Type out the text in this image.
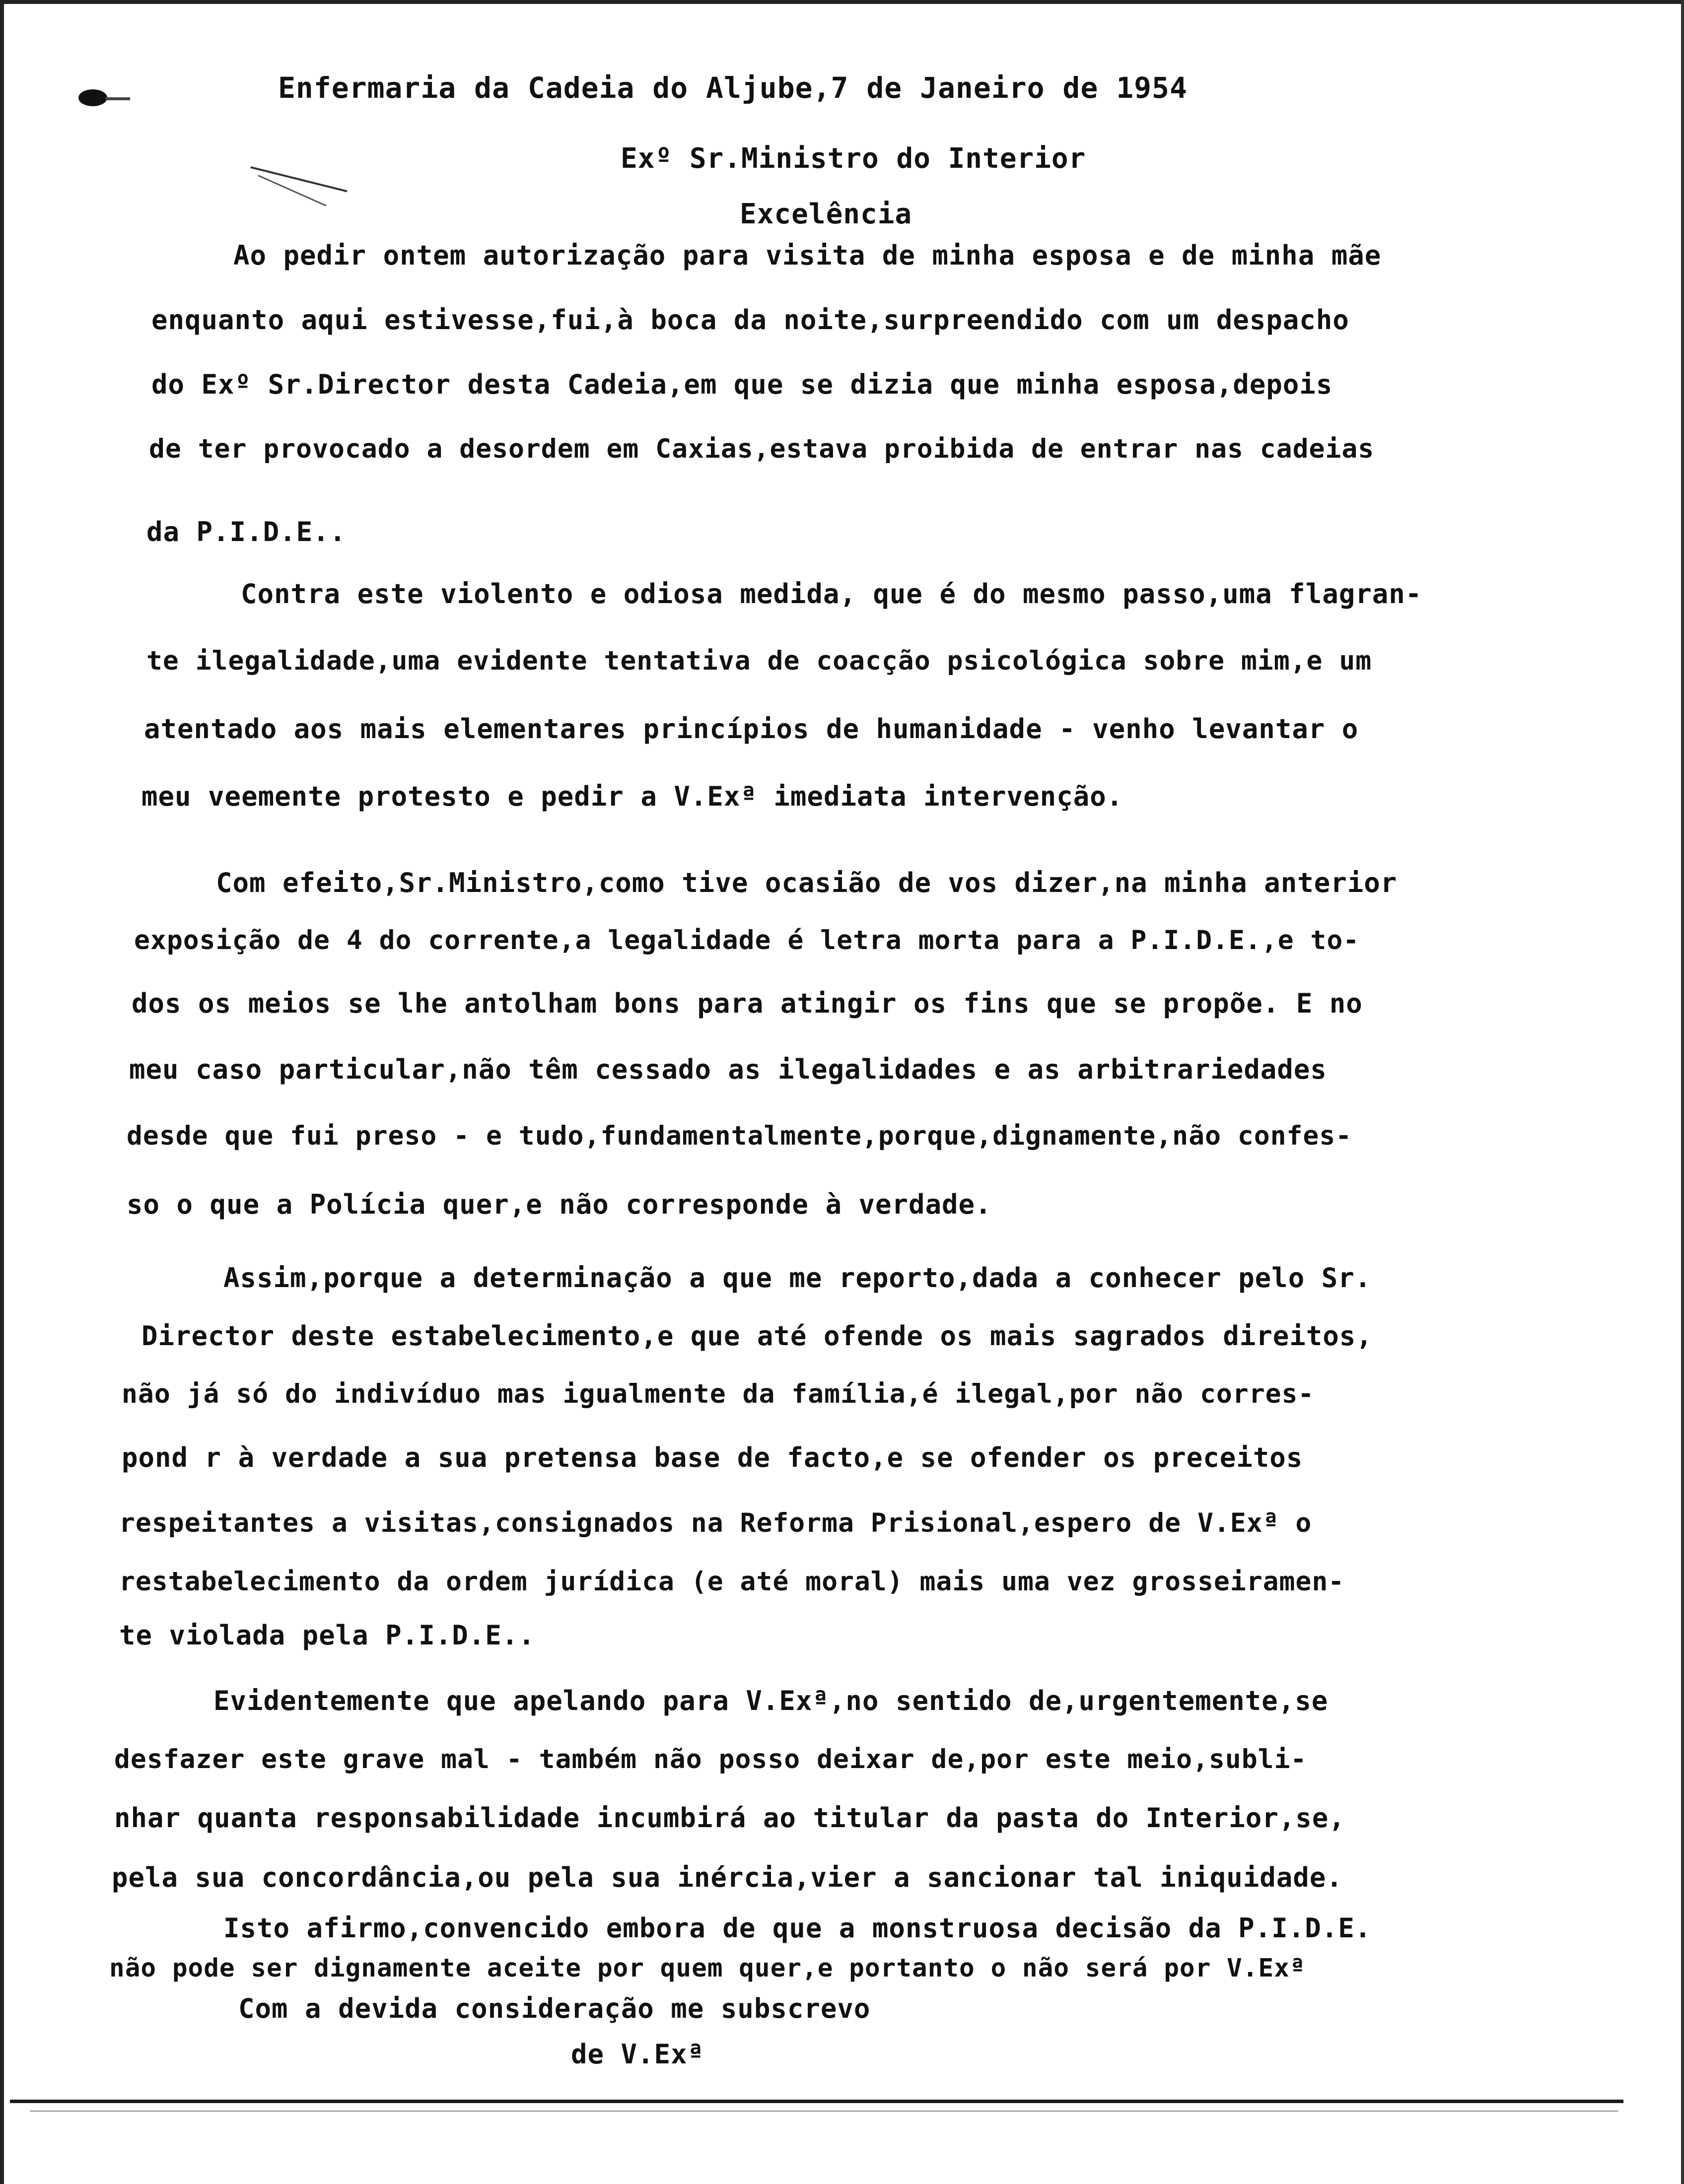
Enfermaria da Cadeia do Aljube,7 de Janeiro de 1954
Exº Sr.Ministro do Interior
Excelência
Ao pedir ontem autorização para visita de minha esposa e de minha mãe
enquanto aqui estivesse,fui,à boca da noite,surpreendido com um despacho
do Exº Sr.Director desta Cadeia,em que se dizia que minha esposa,depois
de ter provocado a desordem em Caxias,estava proibida de entrar nas cadeias
da P.I.D.E..
Contra este violento e odiosa medida, que é do mesmo passo,uma flagran-
te ilegalidade,uma evidente tentativa de coacção psicológica sobre mim,e um
atentado aos mais elementares princípios de humanidade - venho levantar o
meu veemente protesto e pedir a V.Exª imediata intervenção.
Com efeito,Sr.Ministro,como tive ocasião de vos dizer,na minha anterior
exposição de 4 do corrente,a legalidade é letra morta para a P.I.D.E.,e to-
dos os meios se lhe antolham bons para atingir os fins que se propõe. E no
meu caso particular,não têm cessado as ilegalidades e as arbitrariedades
desde que fui preso - e tudo,fundamentalmente,porque,dignamente,não confes-
so o que a Polícia quer,e não corresponde à verdade.
Assim,porque a determinação a que me reporto,dada a conhecer pelo Sr.
Director deste estabelecimento,e que até ofende os mais sagrados direitos,
não já só do indivíduo mas igualmente da família,é ilegal,por não corres-
pond r à verdade a sua pretensa base de facto,e se ofender os preceitos
respeitantes a visitas,consignados na Reforma Prisional,espero de V.Exª o
restabelecimento da ordem jurídica (e até moral) mais uma vez grosseiramen-
te violada pela P.I.D.E..
Evidentemente que apelando para V.Exª,no sentido de,urgentemente,se
desfazer este grave mal - também não posso deixar de,por este meio,subli-
nhar quanta responsabilidade incumbirá ao titular da pasta do Interior,se,
pela sua concordância,ou pela sua inércia,vier a sancionar tal iniquidade.
Isto afirmo,convencido embora de que a monstruosa decisão da P.I.D.E.
não pode ser dignamente aceite por quem quer,e portanto o não será por V.Exª
Com a devida consideração me subscrevo
de V.Exª
